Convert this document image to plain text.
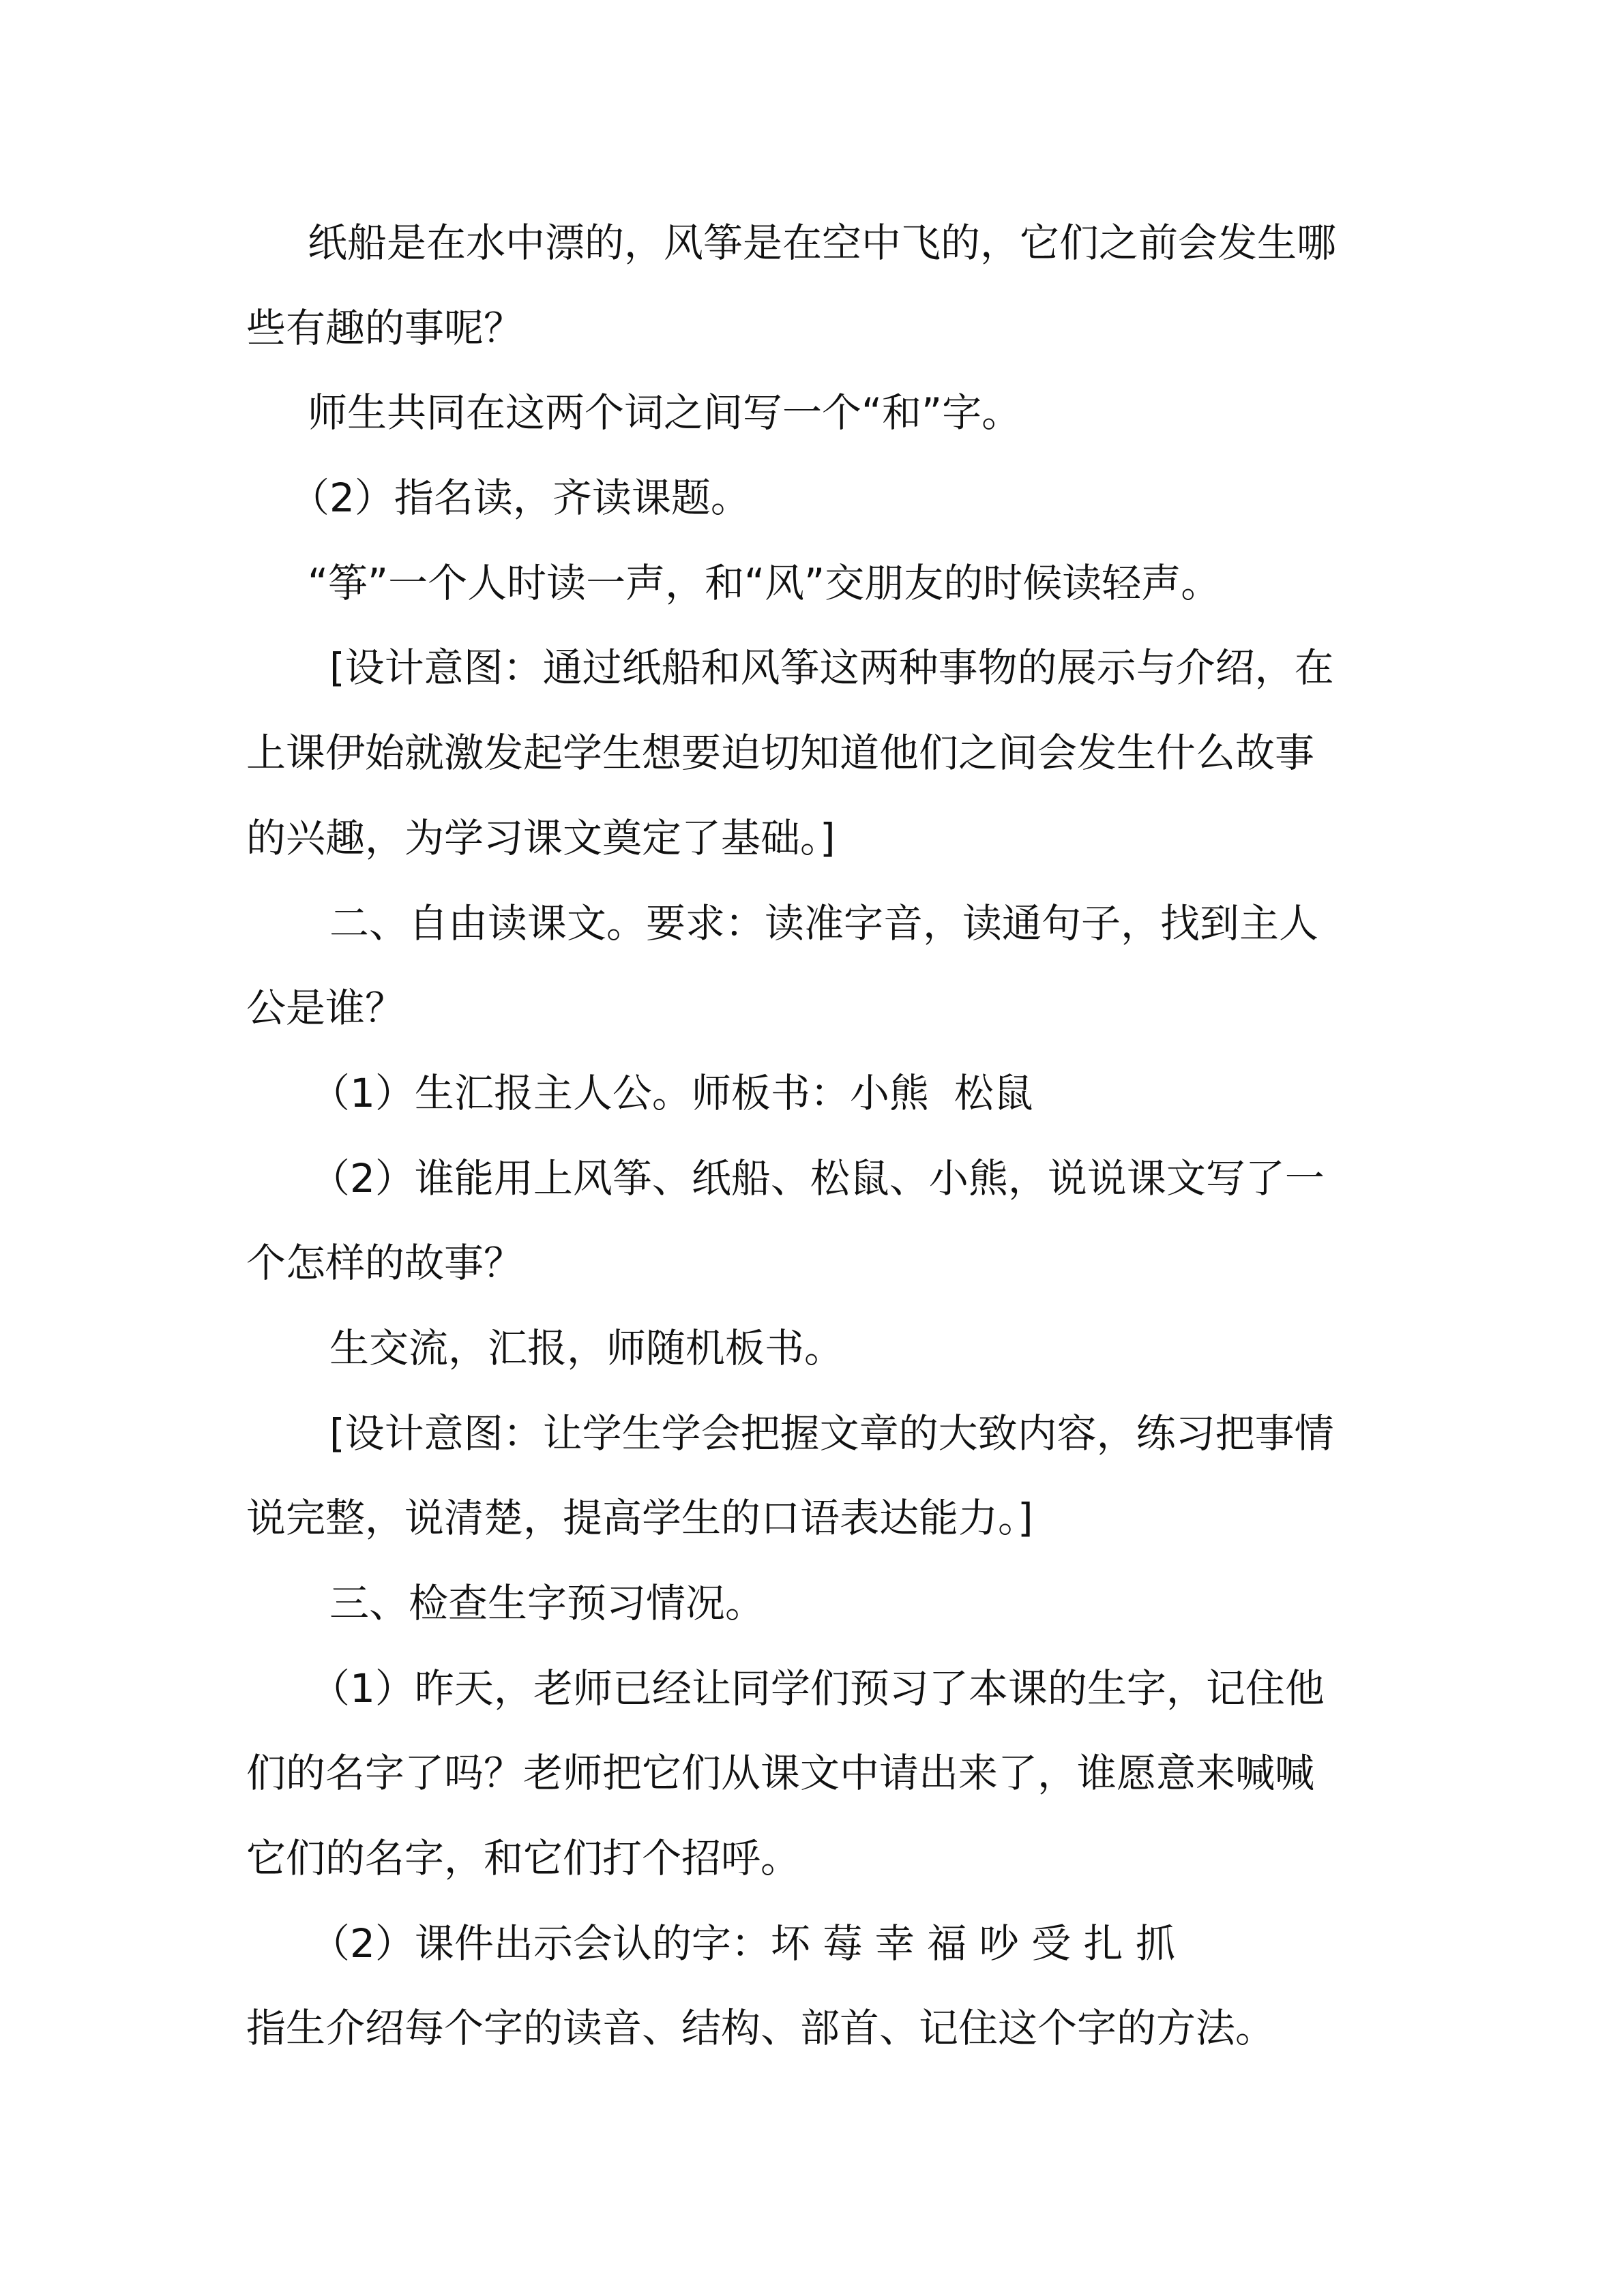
纸船是在水中漂的，风筝是在空中飞的，它们之前会发生哪
些有趣的事呢？
师生共同在这两个词之间写一个“和”字。
（2）指名读，齐读课题。
“筝”一个人时读一声，和“风”交朋友的时候读轻声。
[设计意图：通过纸船和风筝这两种事物的展示与介绍，在
上课伊始就激发起学生想要迫切知道他们之间会发生什么故事
的兴趣，为学习课文奠定了基础。]
二、自由读课文。要求：读准字音，读通句子，找到主人
公是谁？
（1）生汇报主人公。师板书：小熊  松鼠
（2）谁能用上风筝、纸船、松鼠、小熊，说说课文写了一
个怎样的故事？
生交流，汇报，师随机板书。
[设计意图：让学生学会把握文章的大致内容，练习把事情
说完整，说清楚，提高学生的口语表达能力。]
三、检查生字预习情况。
（1）昨天，老师已经让同学们预习了本课的生字，记住他
们的名字了吗？老师把它们从课文中请出来了，谁愿意来喊喊
它们的名字，和它们打个招呼。
（2）课件出示会认的字：坏 莓 幸 福 吵 受 扎 抓
指生介绍每个字的读音、结构、部首、记住这个字的方法。
